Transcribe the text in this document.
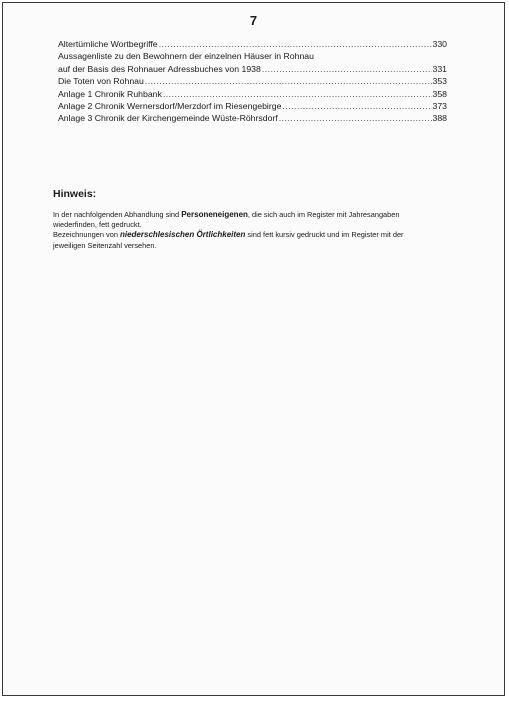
7
Altertümliche Wortbegriffe .....	330
Aussagenliste zu den Bewohnern der einzelnen Häuser in Rohnau
auf der Basis des Rohnauer Adressbuches von 1938 .....	331
Die Toten von Rohnau .....	353
Anlage 1 Chronik Ruhbank .....	358
Anlage 2 Chronik Wernersdorf/Merzdorf im Riesengebirge .....	373
Anlage 3 Chronik der Kirchengemeinde Wüste-Röhrsdorf .....	388
Hinweis:
In der nachfolgenden Abhandlung sind Personeneigenen, die sich auch im Register mit Jahresangaben
wiederfinden, fett gedruckt.
Bezeichnungen von niederschlesischen Örtlichkeiten sind fett kursiv gedruckt und im Register mit der
jeweiligen Seitenzahl versehen.
